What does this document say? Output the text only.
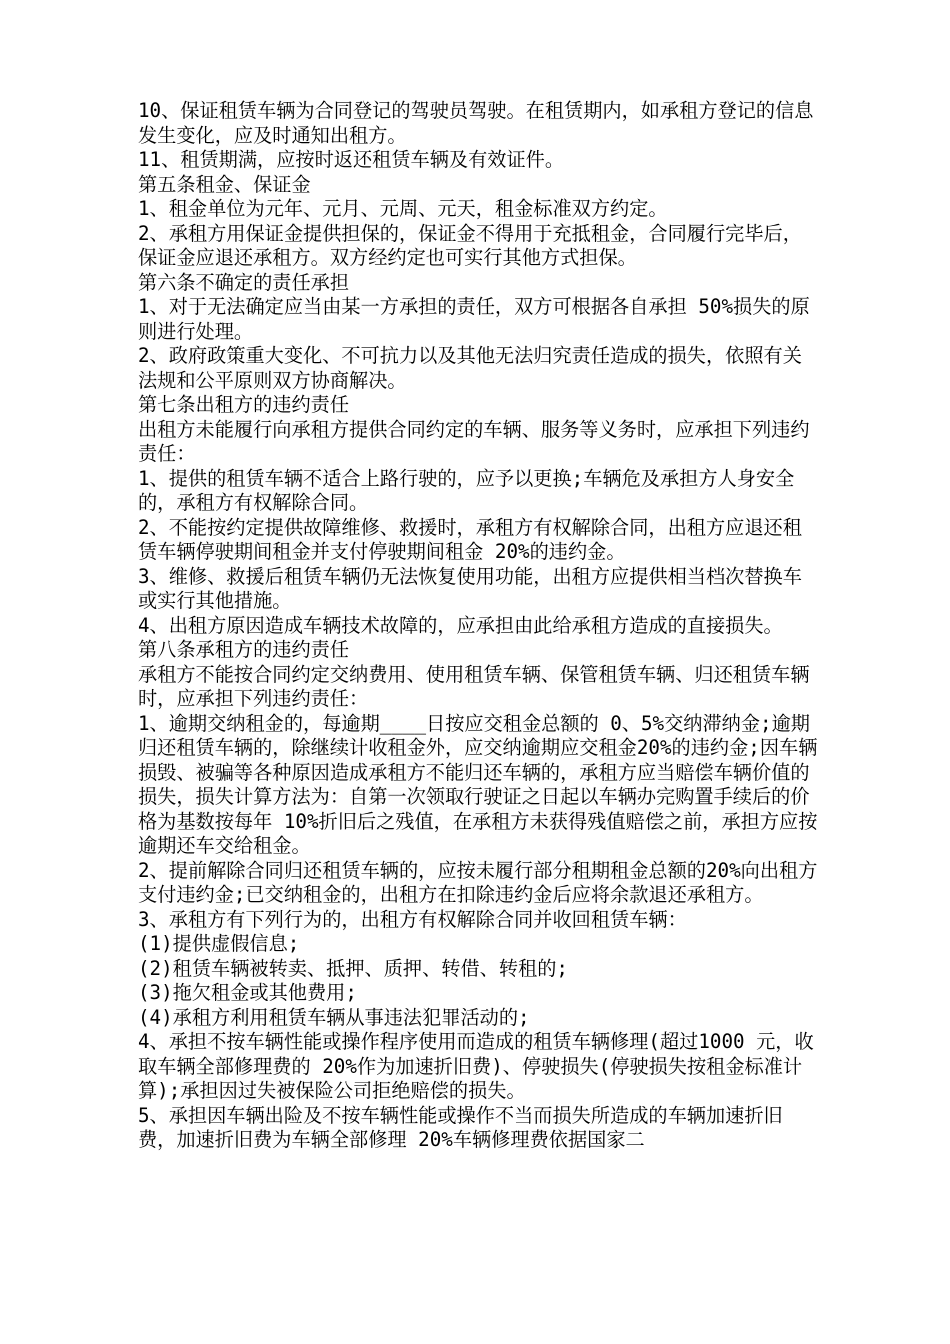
10、保证租赁车辆为合同登记的驾驶员驾驶。在租赁期内，如承租方登记的信息发生变化，应及时通知出租方。

11、租赁期满，应按时返还租赁车辆及有效证件。

第五条租金、保证金

1、租金单位为元年、元月、元周、元天，租金标准双方约定。

2、承租方用保证金提供担保的，保证金不得用于充抵租金，合同履行完毕后，保证金应退还承租方。双方经约定也可实行其他方式担保。

第六条不确定的责任承担

1、对于无法确定应当由某一方承担的责任，双方可根据各自承担 50%损失的原则进行处理。

2、政府政策重大变化、不可抗力以及其他无法归究责任造成的损失，依照有关法规和公平原则双方协商解决。

第七条出租方的违约责任

出租方未能履行向承租方提供合同约定的车辆、服务等义务时，应承担下列违约责任：

1、提供的租赁车辆不适合上路行驶的，应予以更换;车辆危及承担方人身安全的，承租方有权解除合同。

2、不能按约定提供故障维修、救援时，承租方有权解除合同，出租方应退还租赁车辆停驶期间租金并支付停驶期间租金 20%的违约金。

3、维修、救援后租赁车辆仍无法恢复使用功能，出租方应提供相当档次替换车或实行其他措施。

4、出租方原因造成车辆技术故障的，应承担由此给承租方造成的直接损失。

第八条承租方的违约责任

承租方不能按合同约定交纳费用、使用租赁车辆、保管租赁车辆、归还租赁车辆时，应承担下列违约责任：

1、逾期交纳租金的，每逾期____日按应交租金总额的 0、5%交纳滞纳金;逾期归还租赁车辆的，除继续计收租金外，应交纳逾期应交租金20%的违约金;因车辆损毁、被骗等各种原因造成承租方不能归还车辆的，承租方应当赔偿车辆价值的损失，损失计算方法为：自第一次领取行驶证之日起以车辆办完购置手续后的价格为基数按每年 10%折旧后之残值，在承租方未获得残值赔偿之前，承担方应按逾期还车交给租金。

2、提前解除合同归还租赁车辆的，应按未履行部分租期租金总额的20%向出租方支付违约金;已交纳租金的，出租方在扣除违约金后应将余款退还承租方。

3、承租方有下列行为的，出租方有权解除合同并收回租赁车辆：

(1)提供虚假信息;

(2)租赁车辆被转卖、抵押、质押、转借、转租的;

(3)拖欠租金或其他费用;

(4)承租方利用租赁车辆从事违法犯罪活动的;

4、承担不按车辆性能或操作程序使用而造成的租赁车辆修理(超过1000 元，收取车辆全部修理费的 20%作为加速折旧费)、停驶损失(停驶损失按租金标准计算);承担因过失被保险公司拒绝赔偿的损失。

5、承担因车辆出险及不按车辆性能或操作不当而损失所造成的车辆加速折旧费，加速折旧费为车辆全部修理 20%车辆修理费依据国家二
